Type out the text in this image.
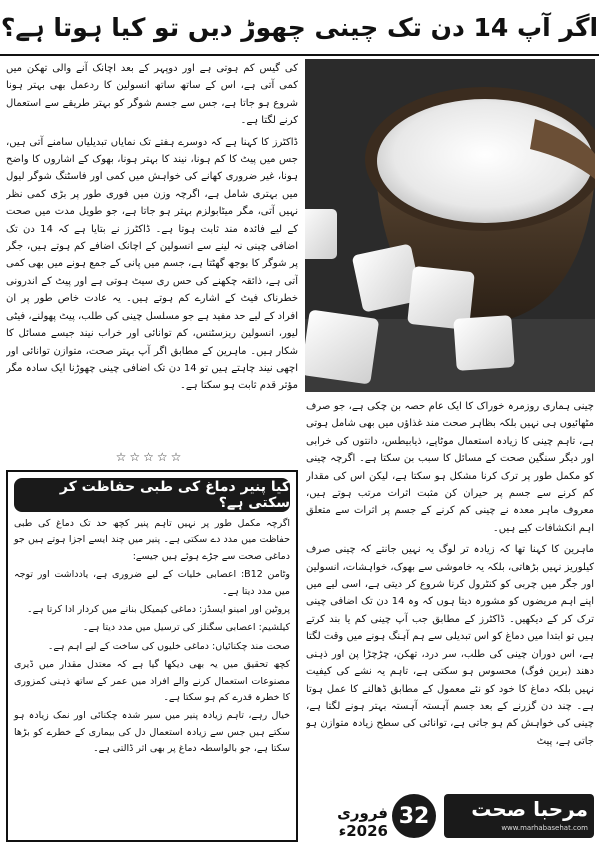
اگر آپ 14 دن تک چینی چھوڑ دیں تو کیا ہوتا ہے؟

کی گیس کم ہوتی ہے اور دوپہر کے بعد اچانک آنے والی تھکن میں کمی آتی ہے، اس کے ساتھ ساتھ انسولین کا ردعمل بھی بہتر ہونا شروع ہو جاتا ہے، جس سے جسم شوگر کو بہتر طریقے سے استعمال کرنے لگتا ہے۔

ڈاکٹرز کا کہنا ہے کہ دوسرے ہفتے تک نمایاں تبدیلیاں سامنے آتی ہیں، جس میں پیٹ کا کم ہونا، نیند کا بہتر ہونا، بھوک کے اشاروں کا واضح ہونا، غیر ضروری کھانے کی خواہش میں کمی اور فاسٹنگ شوگر لیول میں بہتری شامل ہے، اگرچہ وزن میں فوری طور پر بڑی کمی نظر نہیں آتی، مگر میٹابولزم بہتر ہو جاتا ہے، جو طویل مدت میں صحت کے لیے فائدہ مند ثابت ہوتا ہے۔ ڈاکٹرز نے بتایا ہے کہ 14 دن تک اضافی چینی نہ لینے سے انسولین کے اچانک اضافے کم ہوتے ہیں، جگر پر شوگر کا بوجھ گھٹتا ہے، جسم میں پانی کے جمع ہونے میں بھی کمی آتی ہے، ذائقہ چکھنے کی حس ری سیٹ ہوتی ہے اور پیٹ کے اندرونی خطرناک فیٹ کے اشارے کم ہوتے ہیں۔ یہ عادت خاص طور پر ان افراد کے لیے حد مفید ہے جو مسلسل چینی کی طلب، پیٹ پھولنے، فیٹی لیور، انسولین ریزسٹنس، کم توانائی اور خراب نیند جیسے مسائل کا شکار ہیں۔ ماہرین کے مطابق اگر آپ بہتر صحت، متوازن توانائی اور اچھی نیند چاہتے ہیں تو 14 دن تک اضافی چینی چھوڑنا ایک سادہ مگر مؤثر قدم ثابت ہو سکتا ہے۔

چینی ہماری روزمرہ خوراک کا ایک عام حصہ بن چکی ہے، جو صرف مٹھائیوں ہی نہیں بلکہ بظاہر صحت مند غذاؤں میں بھی شامل ہوتی ہے، تاہم چینی کا زیادہ استعمال موٹاپے، ذیابیطس، دانتوں کی خرابی اور دیگر سنگین صحت کے مسائل کا سبب بن سکتا ہے۔ اگرچہ چینی کو مکمل طور پر ترک کرنا مشکل ہو سکتا ہے، لیکن اس کی مقدار کم کرنے سے جسم پر حیران کن مثبت اثرات مرتب ہوتے ہیں، معروف ماہر معدہ نے چینی کم کرنے کے جسم پر اثرات سے متعلق اہم انکشافات کیے ہیں۔

ماہرین کا کہنا تھا کہ زیادہ تر لوگ یہ نہیں جانتے کہ چینی صرف کیلوریز نہیں بڑھاتی، بلکہ یہ خاموشی سے بھوک، خواہشات، انسولین اور جگر میں چربی کو کنٹرول کرنا شروع کر دیتی ہے، اسی لیے میں اپنے اہم مریضوں کو مشورہ دیتا ہوں کہ وہ 14 دن تک اضافی چینی ترک کر کے دیکھیں۔ ڈاکٹرز کے مطابق جب آپ چینی کم یا بند کرتے ہیں تو ابتدا میں دماغ کو اس تبدیلی سے ہم آہنگ ہونے میں وقت لگتا ہے، اس دوران چینی کی طلب، سر درد، تھکن، چڑچڑا پن اور ذہنی دھند (برین فوگ) محسوس ہو سکتی ہے، تاہم یہ نشے کی کیفیت نہیں بلکہ دماغ کا خود کو نئے معمول کے مطابق ڈھالنے کا عمل ہوتا ہے۔ چند دن گزرنے کے بعد جسم آہستہ آہستہ بہتر ہونے لگتا ہے، چینی کی خواہش کم ہو جاتی ہے، توانائی کی سطح زیادہ متوازن ہو جاتی ہے، پیٹ

☆☆☆☆☆
کیا پنیر دماغ کی طبی حفاظت کر سکتی ہے؟

اگرچہ مکمل طور پر نہیں تاہم پنیر کچھ حد تک دماغ کی طبی حفاظت میں مدد دے سکتی ہے۔ پنیر میں چند ایسے اجزا ہوتے ہیں جو دماغی صحت سے جڑے ہوئے ہیں جیسے:

وٹامن B12: اعصابی خلیات کے لیے ضروری ہے، یادداشت اور توجہ میں مدد دیتا ہے۔

پروٹین اور امینو ایسڈز: دماغی کیمیکل بنانے میں کردار ادا کرتا ہے۔

کیلشیم: اعصابی سگنلز کی ترسیل میں مدد دیتا ہے۔

صحت مند چکنائیاں: دماغی خلیوں کی ساخت کے لیے اہم ہے۔

کچھ تحقیق میں یہ بھی دیکھا گیا ہے کہ معتدل مقدار میں ڈیری مصنوعات استعمال کرنے والے افراد میں عمر کے ساتھ ذہنی کمزوری کا خطرہ قدرے کم ہو سکتا ہے۔

خیال رہے، تاہم زیادہ پنیر میں سیر شدہ چکنائی اور نمک زیادہ ہو سکتے ہیں جس سے زیادہ استعمال دل کی بیماری کے خطرے کو بڑھا سکتا ہے، جو بالواسطہ دماغ پر بھی اثر ڈالتی ہے۔

مرحبا صحت
www.marhabasehat.com
32
فروری 2026ء
